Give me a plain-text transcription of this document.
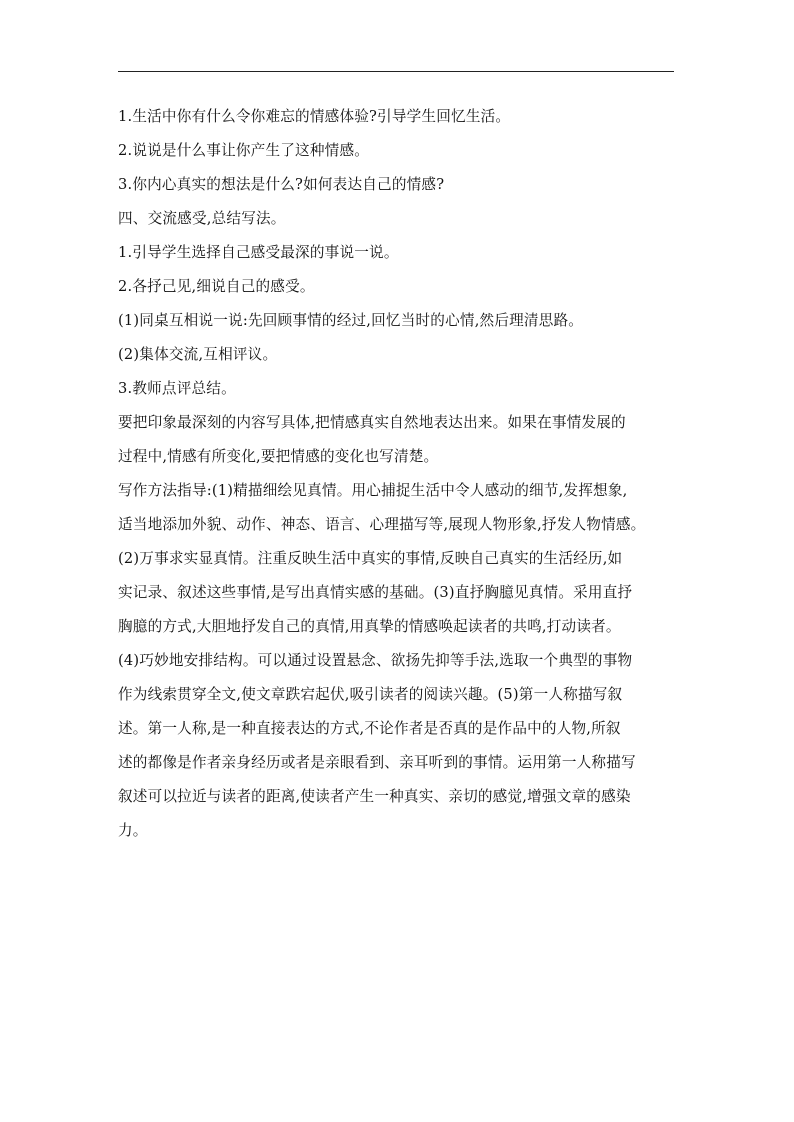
1.生活中你有什么令你难忘的情感体验?引导学生回忆生活。
2.说说是什么事让你产生了这种情感。
3.你内心真实的想法是什么?如何表达自己的情感?
四、交流感受,总结写法。
1.引导学生选择自己感受最深的事说一说。
2.各抒己见,细说自己的感受。
(1)同桌互相说一说:先回顾事情的经过,回忆当时的心情,然后理清思路。
(2)集体交流,互相评议。
3.教师点评总结。
要把印象最深刻的内容写具体,把情感真实自然地表达出来。如果在事情发展的
过程中,情感有所变化,要把情感的变化也写清楚。
写作方法指导:(1)精描细绘见真情。用心捕捉生活中令人感动的细节,发挥想象,
适当地添加外貌、动作、神态、语言、心理描写等,展现人物形象,抒发人物情感。
(2)万事求实显真情。注重反映生活中真实的事情,反映自己真实的生活经历,如
实记录、叙述这些事情,是写出真情实感的基础。(3)直抒胸臆见真情。采用直抒
胸臆的方式,大胆地抒发自己的真情,用真挚的情感唤起读者的共鸣,打动读者。
(4)巧妙地安排结构。可以通过设置悬念、欲扬先抑等手法,选取一个典型的事物
作为线索贯穿全文,使文章跌宕起伏,吸引读者的阅读兴趣。(5)第一人称描写叙
述。第一人称,是一种直接表达的方式,不论作者是否真的是作品中的人物,所叙
述的都像是作者亲身经历或者是亲眼看到、亲耳听到的事情。运用第一人称描写
叙述可以拉近与读者的距离,使读者产生一种真实、亲切的感觉,增强文章的感染
力。
